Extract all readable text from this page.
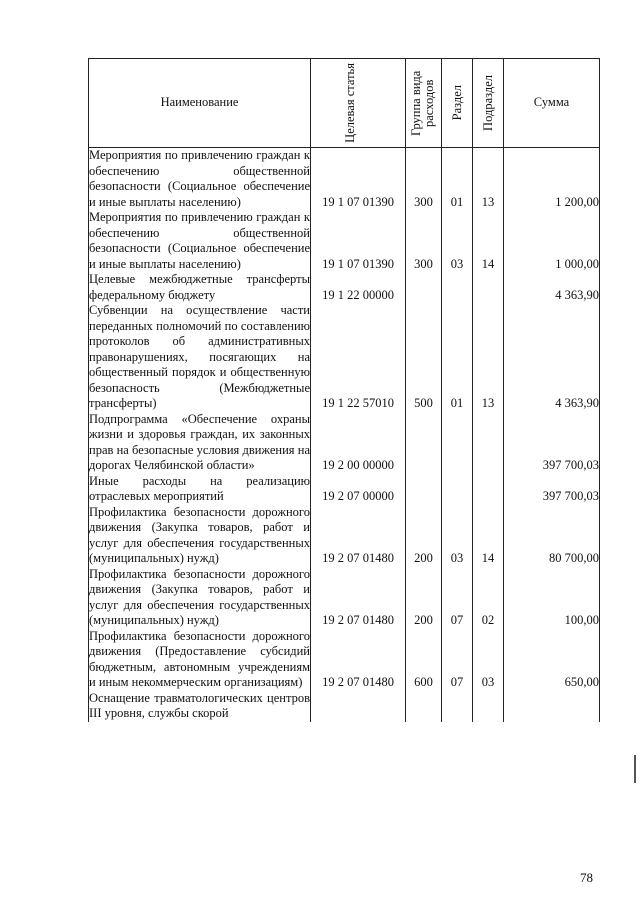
Наименование	Целевая статья	Группа вида расходов	Раздел	Подраздел	Сумма
Мероприятия по привлечению граждан к обеспечению общественной безопасности (Социальное обеспечение и иные выплаты населению)	19 1 07 01390	300	01	13	1 200,00
Мероприятия по привлечению граждан к обеспечению общественной безопасности (Социальное обеспечение и иные выплаты населению)	19 1 07 01390	300	03	14	1 000,00
Целевые межбюджетные трансферты федеральному бюджету	19 1 22 00000				4 363,90
Субвенции на осуществление части переданных полномочий по составлению протоколов об административных правонарушениях, посягающих на общественный порядок и общественную безопасность (Межбюджетные трансферты)	19 1 22 57010	500	01	13	4 363,90
Подпрограмма «Обеспечение охраны жизни и здоровья граждан, их законных прав на безопасные условия движения на дорогах Челябинской области»	19 2 00 00000				397 700,03
Иные расходы на реализацию отраслевых мероприятий	19 2 07 00000				397 700,03
Профилактика безопасности дорожного движения (Закупка товаров, работ и услуг для обеспечения государственных (муниципальных) нужд)	19 2 07 01480	200	03	14	80 700,00
Профилактика безопасности дорожного движения (Закупка товаров, работ и услуг для обеспечения государственных (муниципальных) нужд)	19 2 07 01480	200	07	02	100,00
Профилактика безопасности дорожного движения (Предоставление субсидий бюджетным, автономным учреждениям и иным некоммерческим организациям)	19 2 07 01480	600	07	03	650,00
Оснащение травматологических центров III уровня, службы скорой					
78
